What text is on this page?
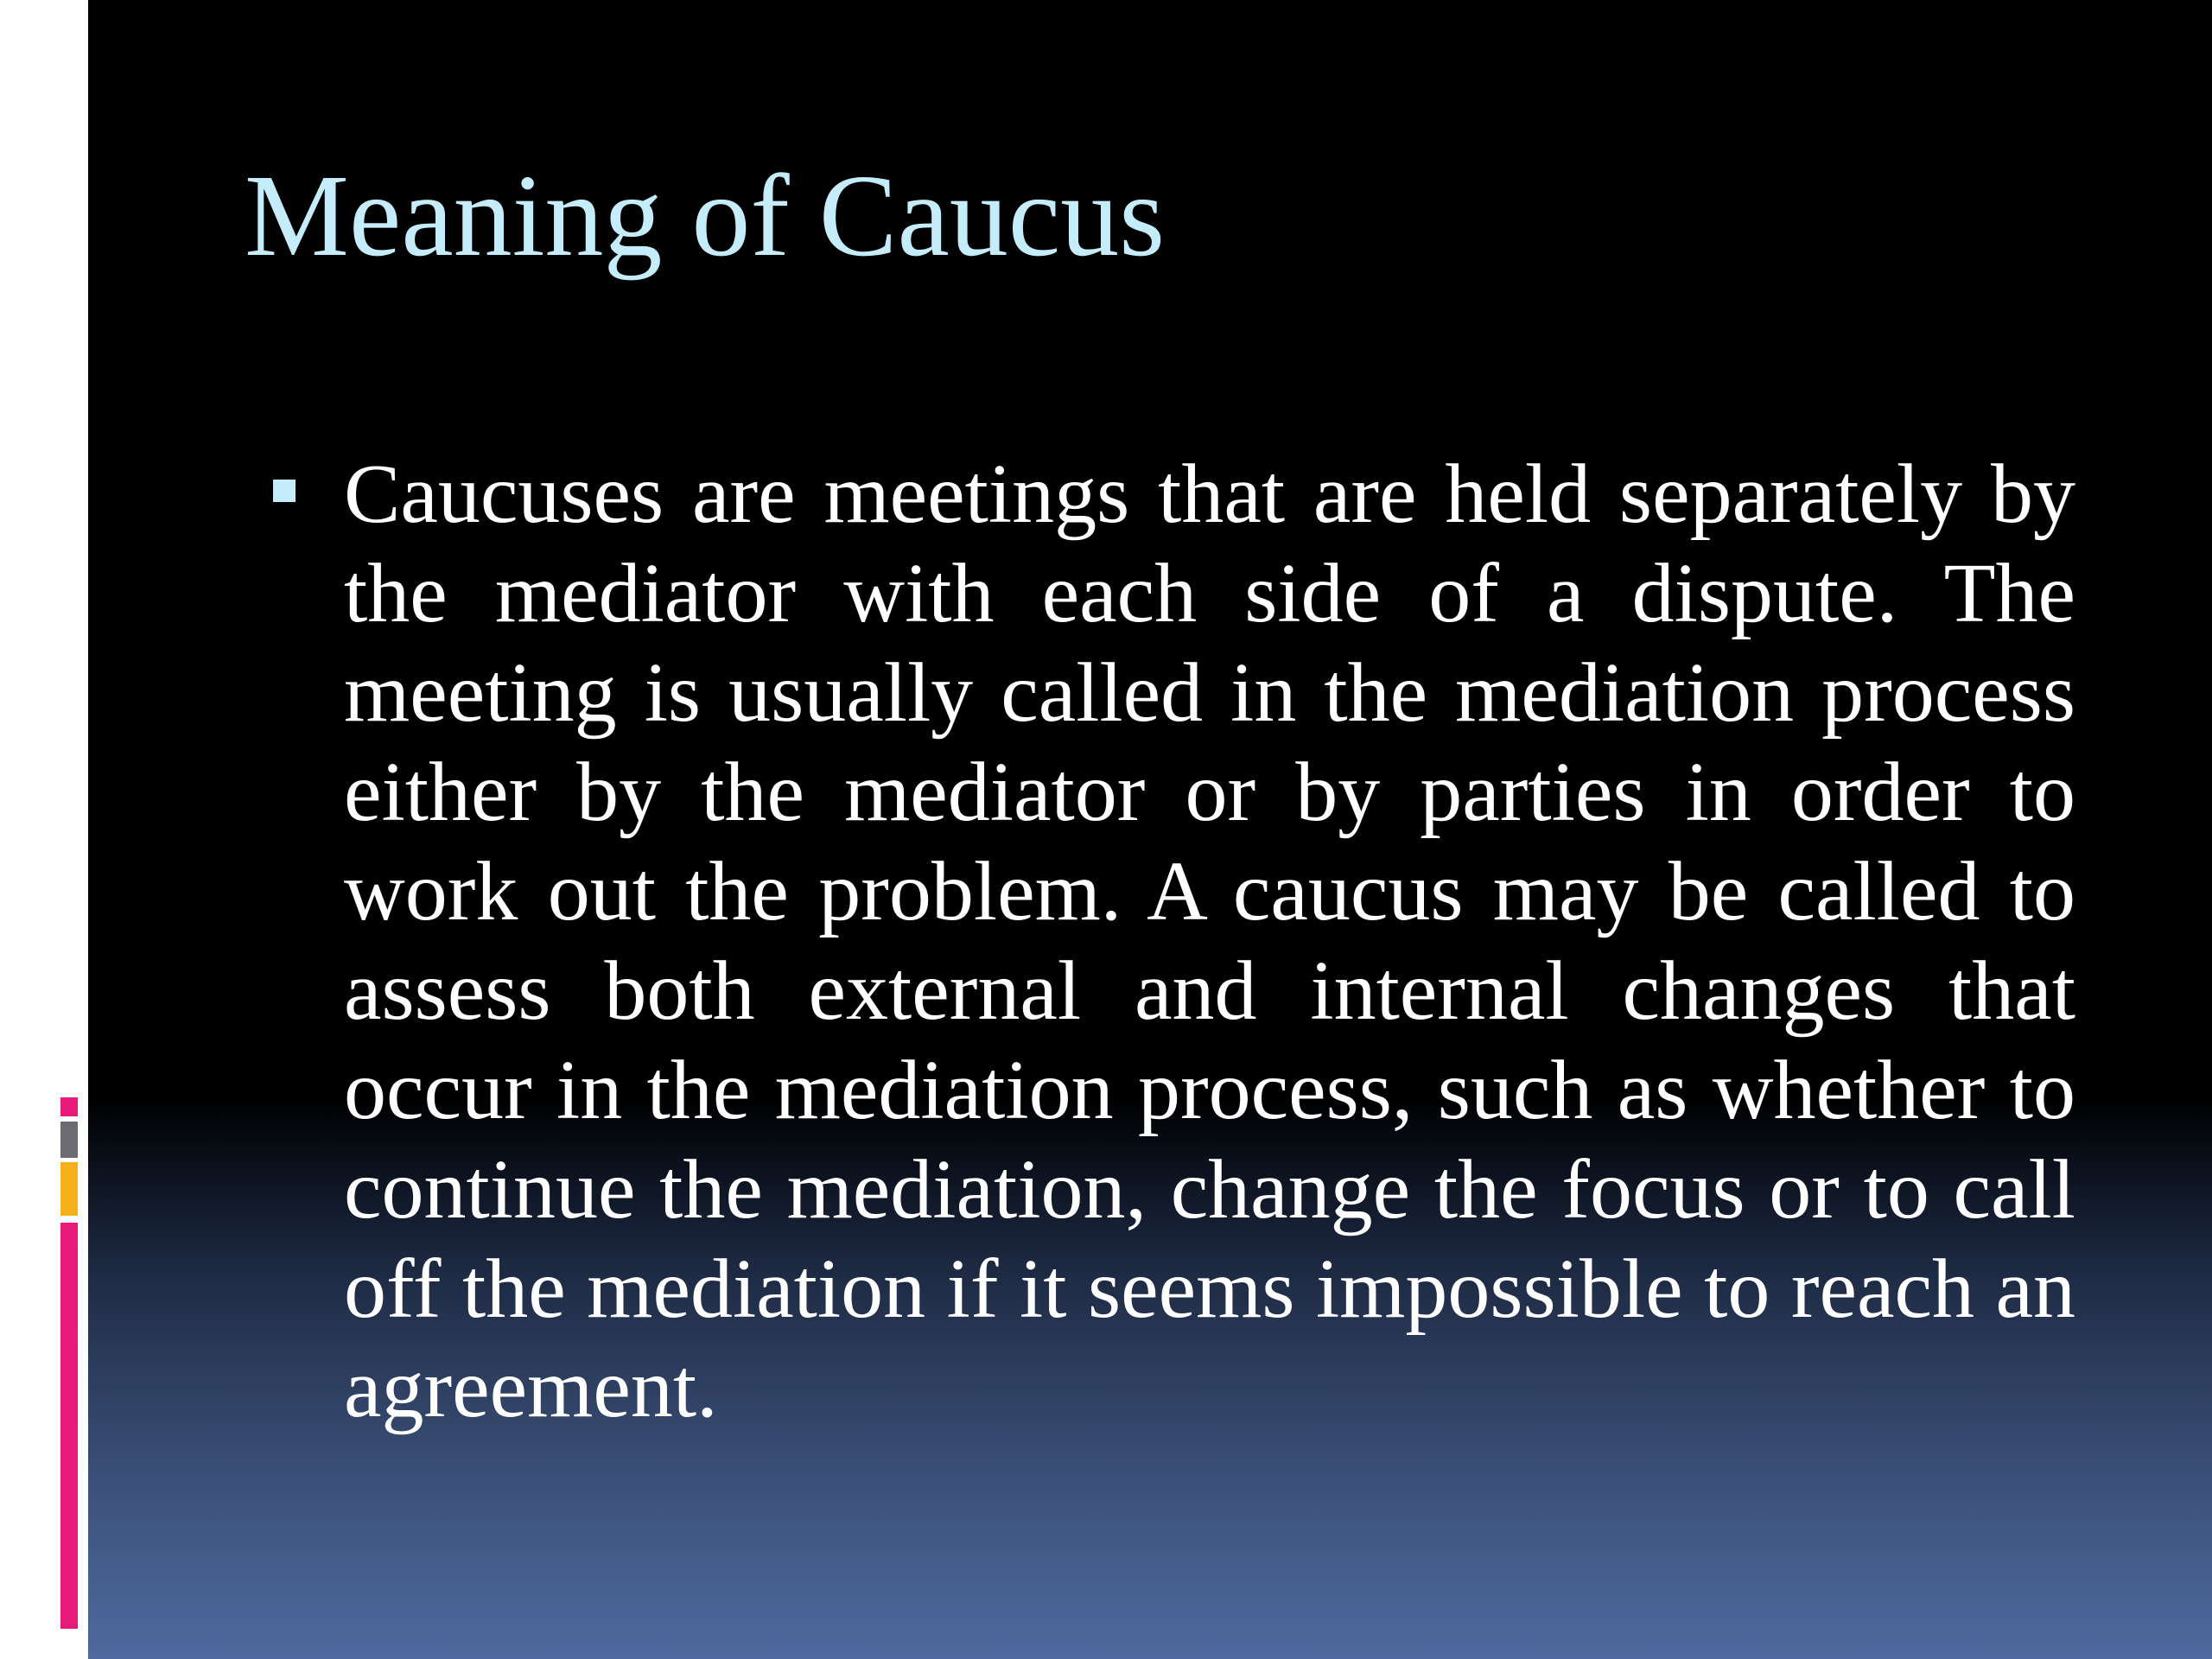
Meaning of Caucus
Caucuses are meetings that are held separately by the mediator with each side of a dispute. The meeting is usually called in the mediation process either by the mediator or by parties in order to work out the problem. A caucus may be called to assess both external and internal changes that occur in the mediation process, such as whether to continue the mediation, change the focus or to call off the mediation if it seems impossible to reach an agreement.
